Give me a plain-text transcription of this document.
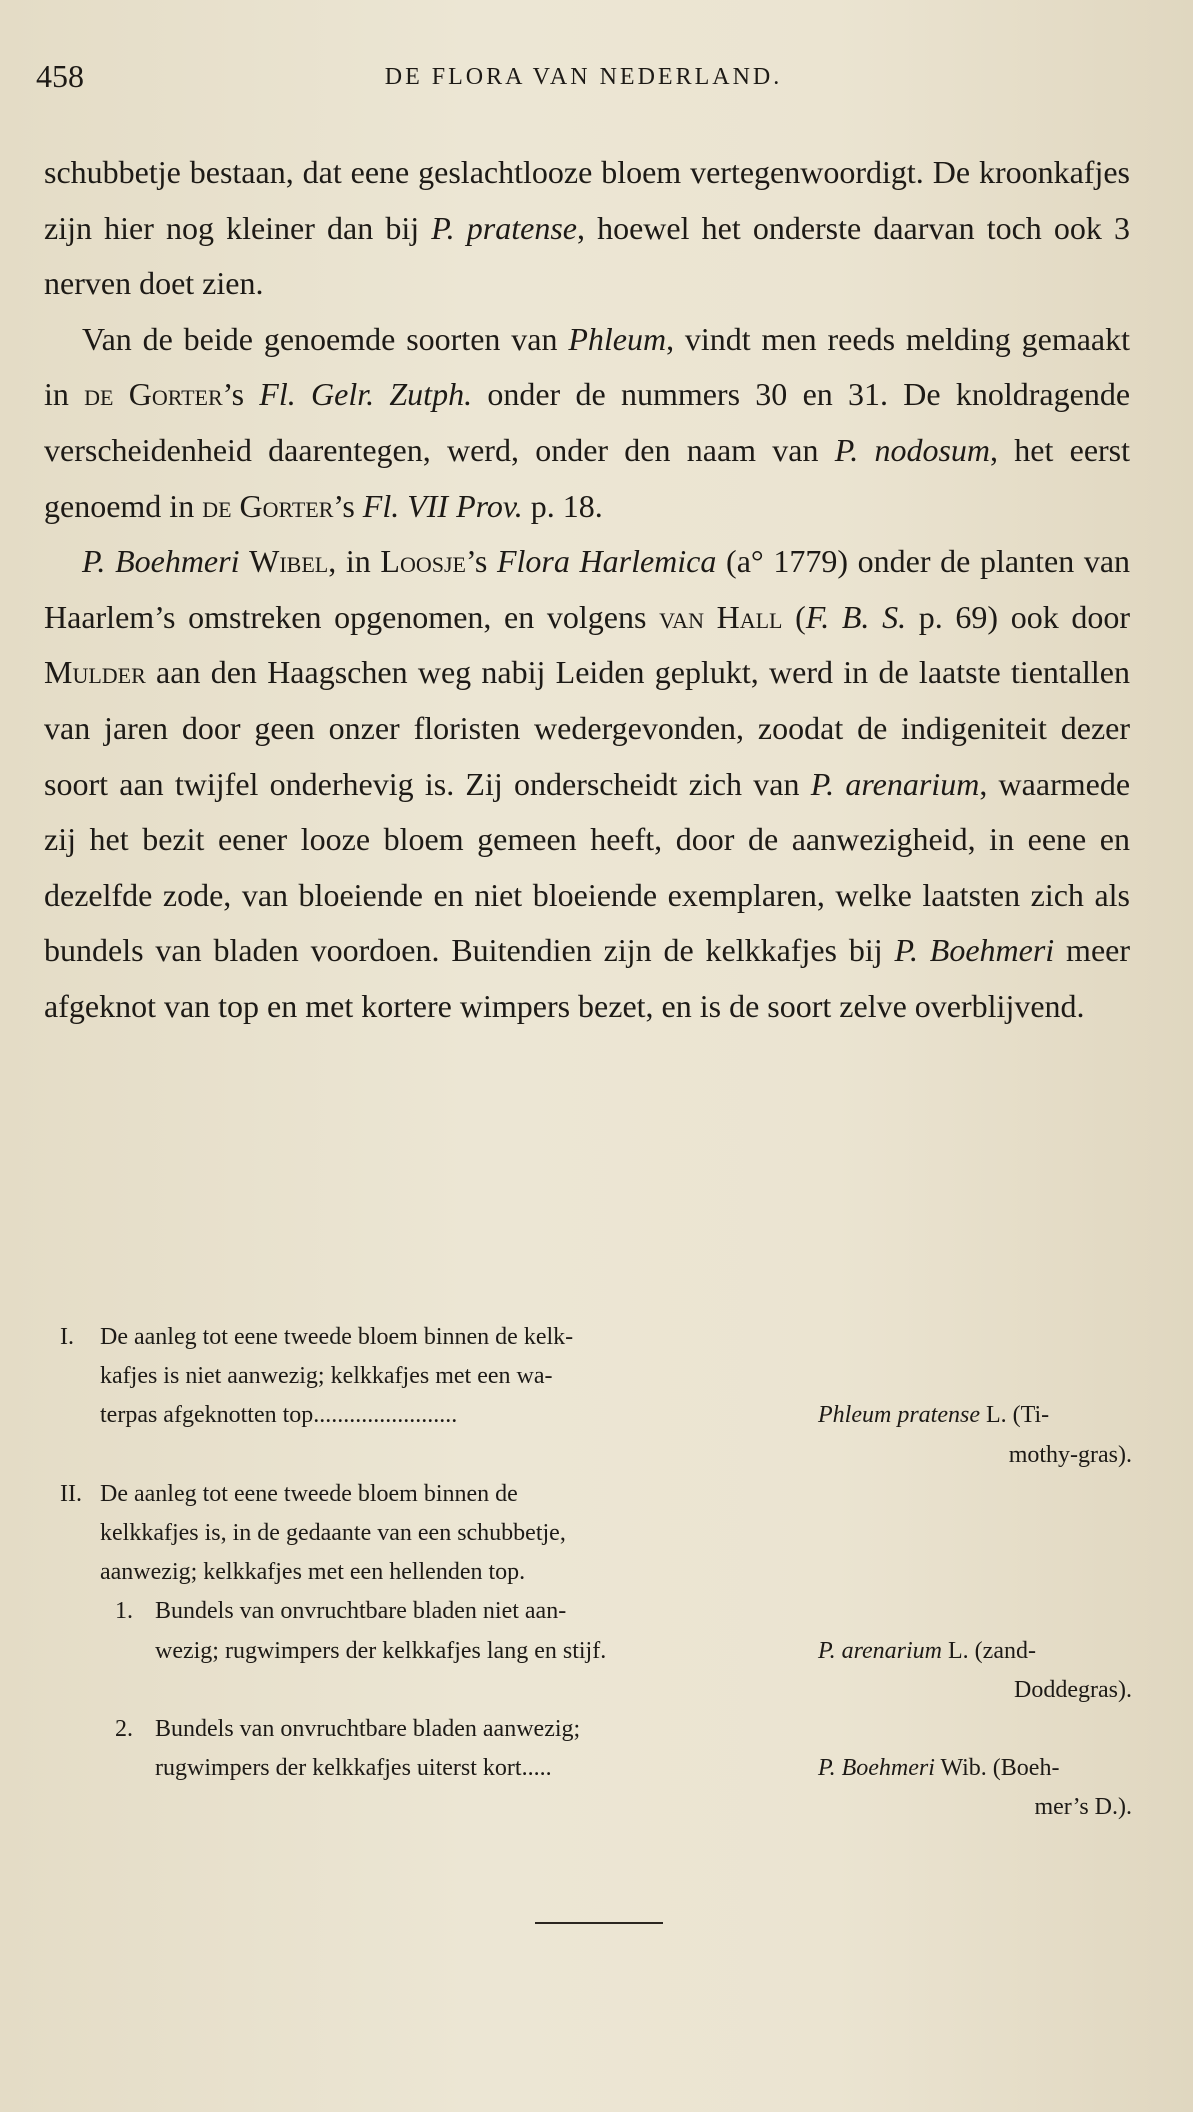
458	DE FLORA VAN NEDERLAND.

schubbetje bestaan, dat eene geslachtlooze bloem vertegenwoordigt. De kroonkafjes zijn hier nog kleiner dan bij P. pratense, hoewel het onderste daarvan toch ook 3 nerven doet zien.

Van de beide genoemde soorten van Phleum, vindt men reeds melding gemaakt in de Gorter’s Fl. Gelr. Zutph. onder de nummers 30 en 31. De knoldragende verscheidenheid daarentegen, werd, onder den naam van P. nodosum, het eerst genoemd in de Gorter’s Fl. VII Prov. p. 18.

P. Boehmeri Wibel, in Loosje’s Flora Harlemica (a° 1779) onder de planten van Haarlem’s omstreken opgenomen, en volgens van Hall (F. B. S. p. 69) ook door Mulder aan den Haagschen weg nabij Leiden geplukt, werd in de laatste tientallen van jaren door geen onzer floristen wedergevonden, zoodat de indigeniteit dezer soort aan twijfel onderhevig is. Zij onderscheidt zich van P. arenarium, waarmede zij het bezit eener looze bloem gemeen heeft, door de aanwezigheid, in eene en dezelfde zode, van bloeiende en niet bloeiende exemplaren, welke laatsten zich als bundels van bladen voordoen. Buitendien zijn de kelkkafjes bij P. Boehmeri meer afgeknot van top en met kortere wimpers bezet, en is de soort zelve overblijvend.

I. De aanleg tot eene tweede bloem binnen de kelk-
kafjes is niet aanwezig; kelkkafjes met een wa-
terpas afgeknotten top........................	Phleum pratense L. (Ti-
mothy-gras).
II. De aanleg tot eene tweede bloem binnen de
kelkkafjes is, in de gedaante van een schubbetje,
aanwezig; kelkkafjes met een hellenden top.
1. Bundels van onvruchtbare bladen niet aan-
wezig; rugwimpers der kelkkafjes lang en stijf.	P. arenarium L. (zand-
Doddegras).
2. Bundels van onvruchtbare bladen aanwezig;
rugwimpers der kelkkafjes uiterst kort.....	P. Boehmeri Wib. (Boeh-
mer’s D.).
